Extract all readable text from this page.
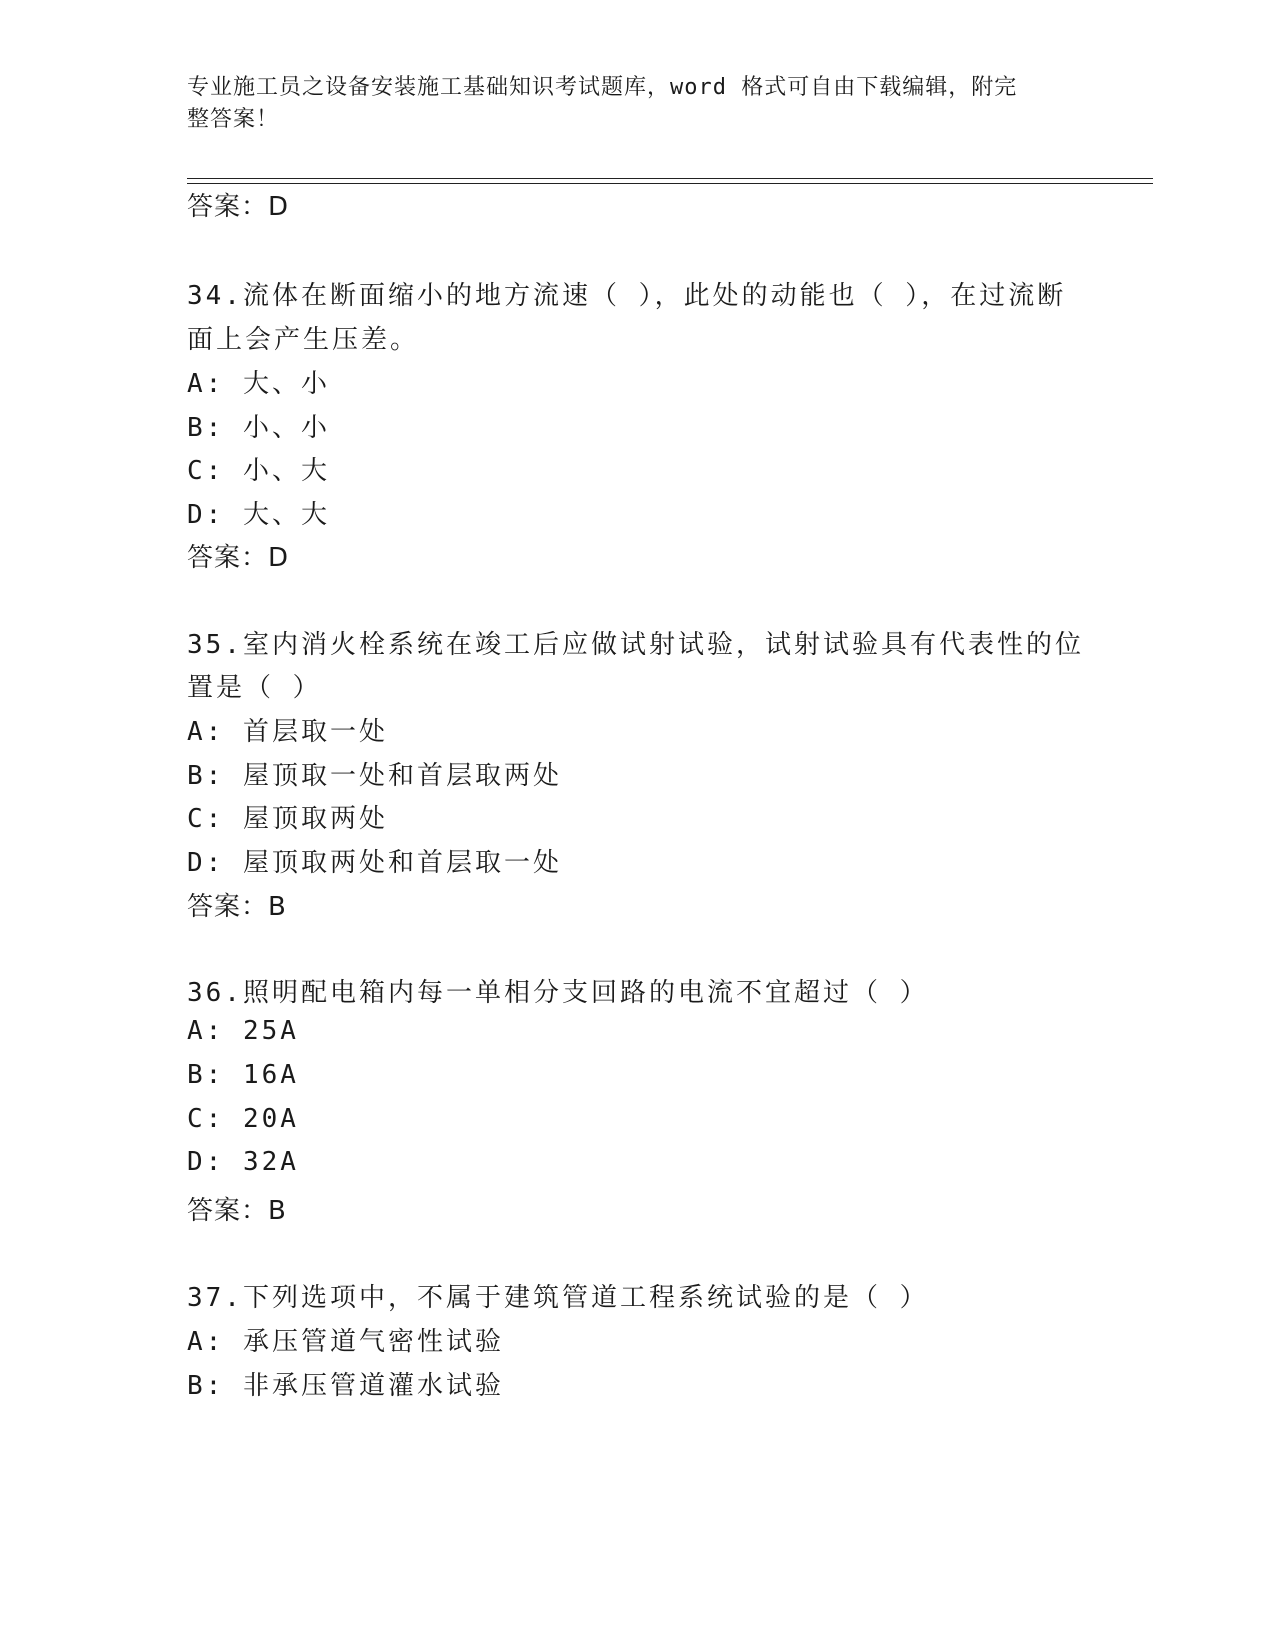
专业施工员之设备安装施工基础知识考试题库，word 格式可自由下载编辑，附完
整答案！
答案：D
34.流体在断面缩小的地方流速（ ），此处的动能也（ ），在过流断
面上会产生压差。
A: 大、小
B: 小、小
C: 小、大
D: 大、大
答案：D
35.室内消火栓系统在竣工后应做试射试验，试射试验具有代表性的位
置是（ ）
A: 首层取一处
B: 屋顶取一处和首层取两处
C: 屋顶取两处
D: 屋顶取两处和首层取一处
答案：B
36.照明配电箱内每一单相分支回路的电流不宜超过（ ）
A: 25A
B: 16A
C: 20A
D: 32A
答案：B
37.下列选项中，不属于建筑管道工程系统试验的是（ ）
A: 承压管道气密性试验
B: 非承压管道灌水试验
